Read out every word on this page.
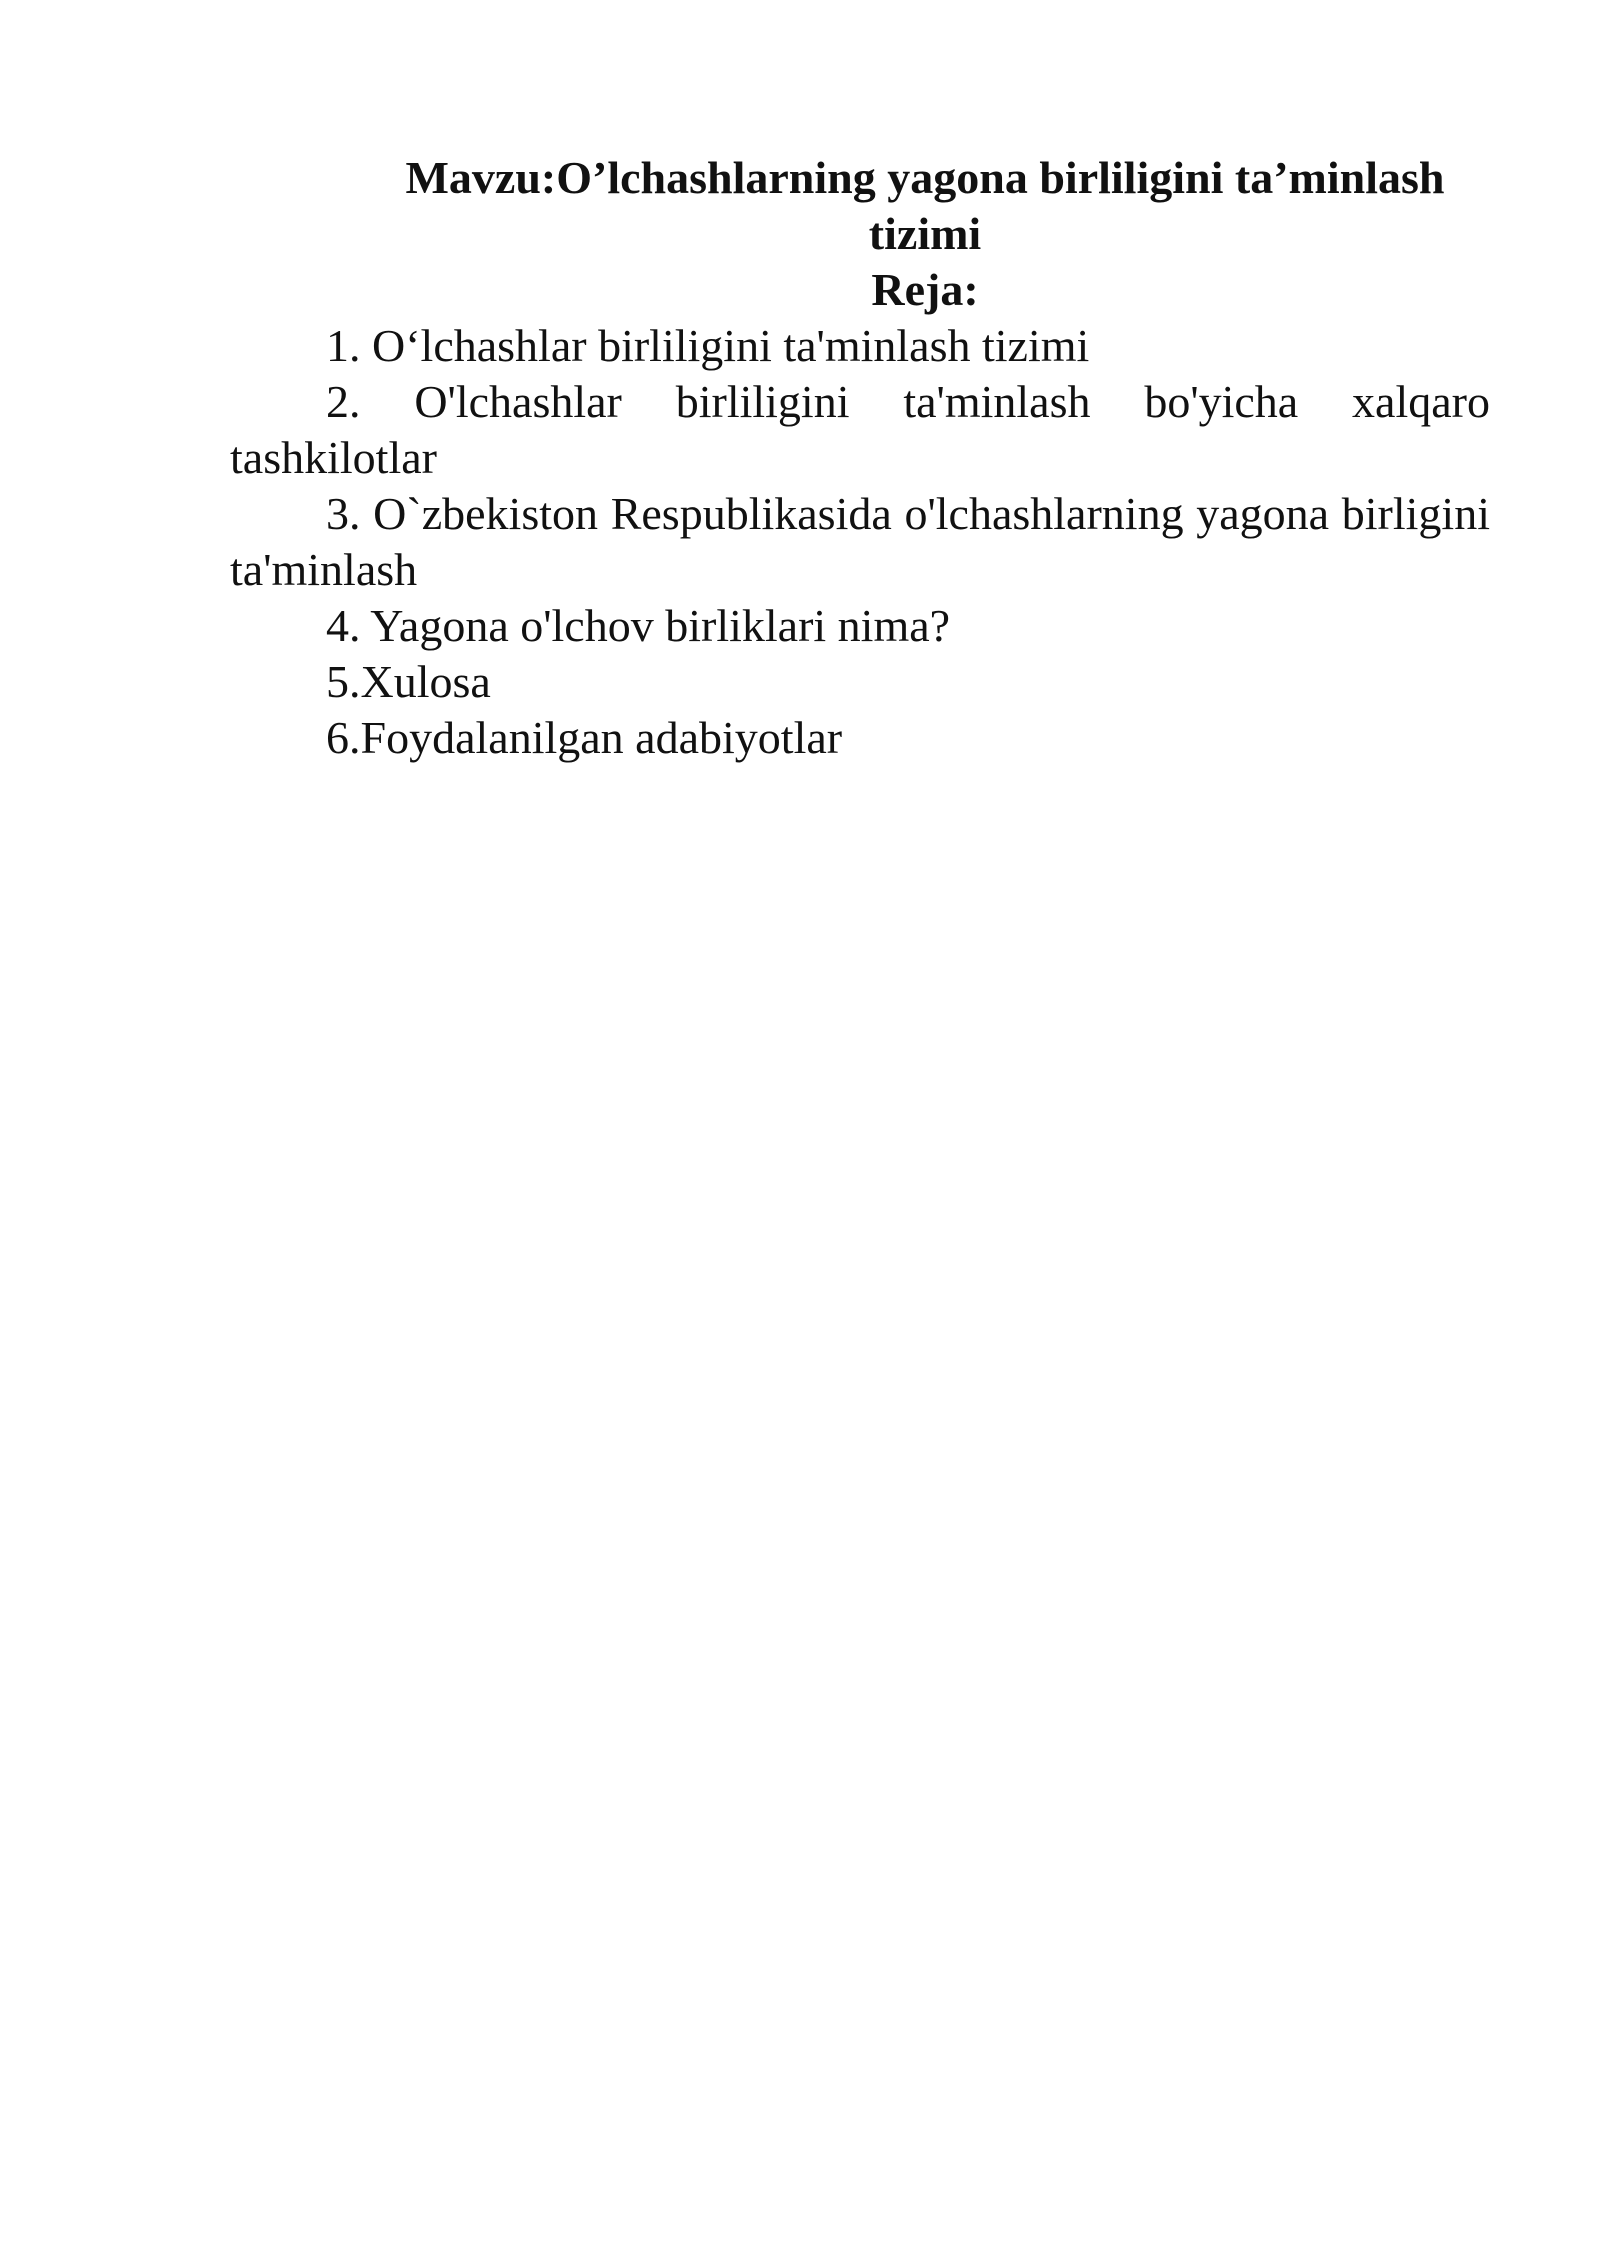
Mavzu:O’lchashlarning yagona birliligini ta’minlash tizimi
Reja:
1. O‘lchashlar birliligini ta'minlash tizimi
2. O'lchashlar birliligini ta'minlash bo'yicha xalqaro tashkilotlar
3. O`zbekiston Respublikasida o'lchashlarning yagona birligini ta'minlash
4. Yagona o'lchov birliklari nima?
5.Xulosa
6.Foydalanilgan adabiyotlar
